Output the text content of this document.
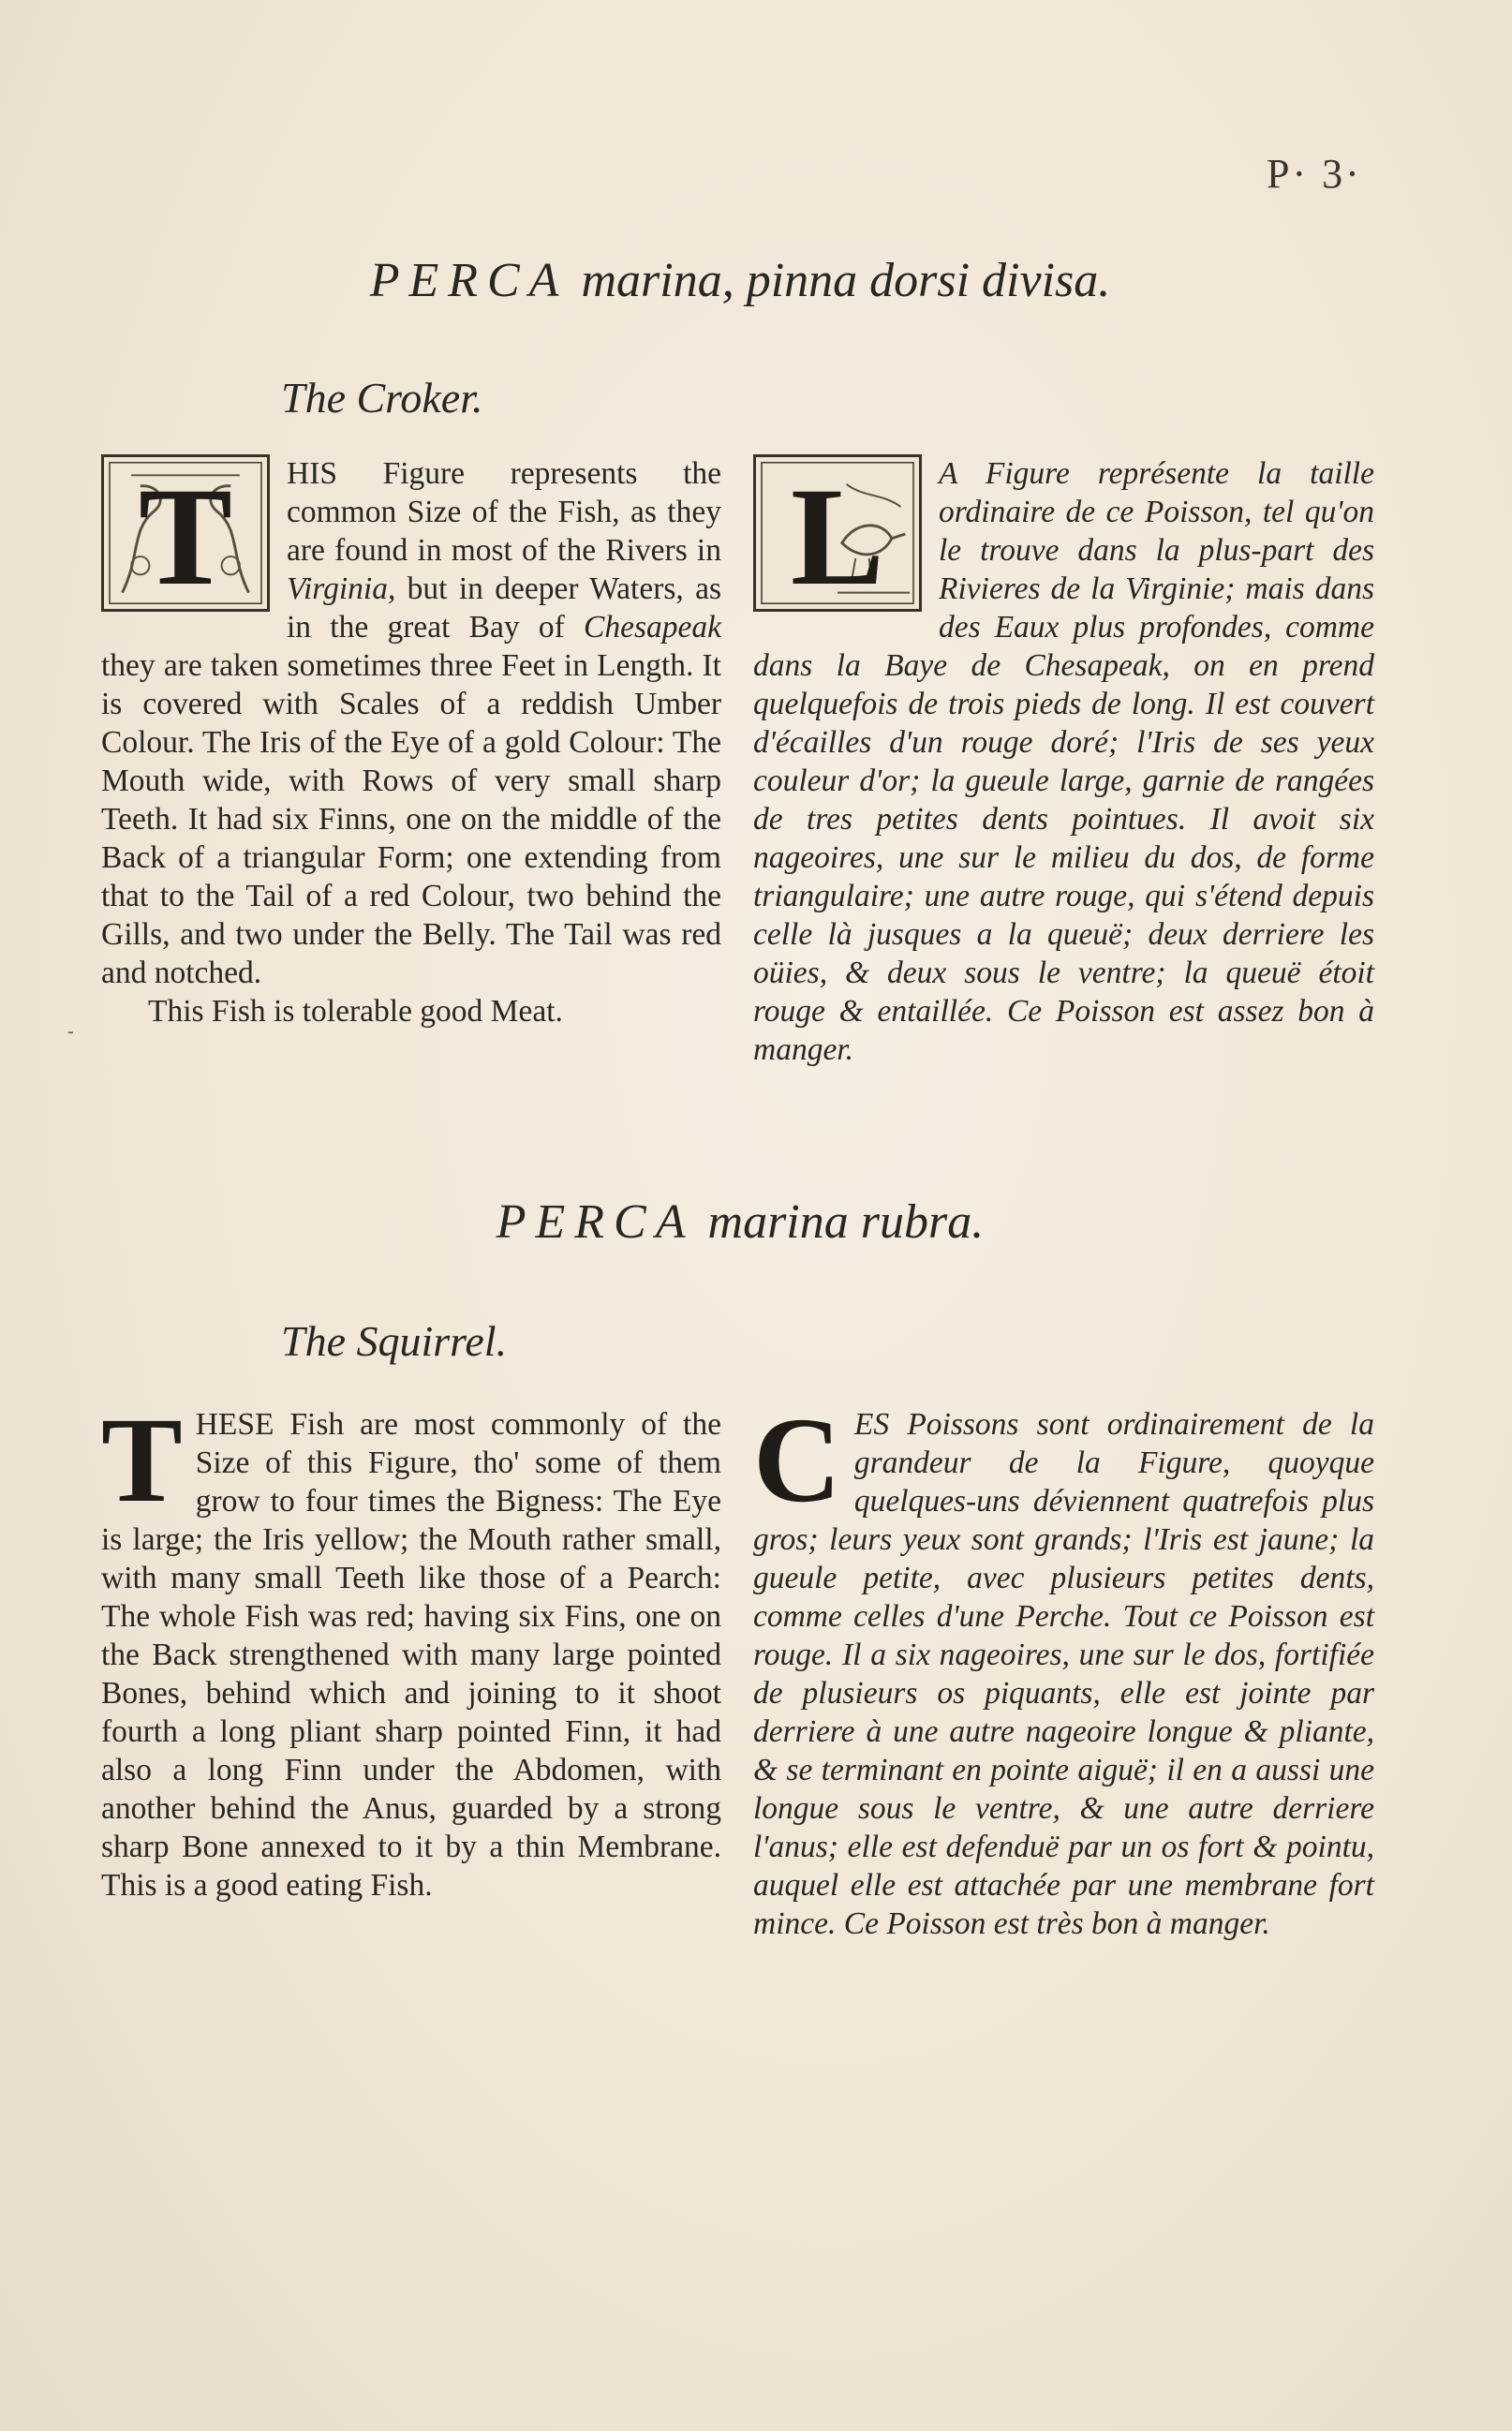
P· 3·
-
PERCA marina, pinna dorsi divisa.
The Croker.
T	HIS Figure represents the common Size of the Fish, as they are found in most of the Rivers in Virginia, but in deeper Waters, as in the great Bay of Chesapeak they are taken sometimes three Feet in Length. It is covered with Scales of a reddish Umber Colour. The Iris of the Eye of a gold Colour: The Mouth wide, with Rows of very small sharp Teeth. It had six Finns, one on the middle of the Back of a triangular Form; one extending from that to the Tail of a red Colour, two behind the Gills, and two under the Belly. The Tail was red and notched.

This Fish is tolerable good Meat.

L	A Figure représente la taille ordinaire de ce Poisson, tel qu'on le trouve dans la plus-part des Rivieres de la Virginie; mais dans des Eaux plus profondes, comme dans la Baye de Chesapeak, on en prend quelquefois de trois pieds de long. Il est couvert d'écailles d'un rouge doré; l'Iris de ses yeux couleur d'or; la gueule large, garnie de rangées de tres petites dents pointues. Il avoit six nageoires, une sur le milieu du dos, de forme triangulaire; une autre rouge, qui s'étend depuis celle là jusques a la queuë; deux derriere les oüies, & deux sous le ventre; la queuë étoit rouge & entaillée. Ce Poisson est assez bon à manger.

PERCA marina rubra.
The Squirrel.
T HESE Fish are most commonly of the Size of this Figure, tho' some of them grow to four times the Bigness: The Eye is large; the Iris yellow; the Mouth rather small, with many small Teeth like those of a Pearch: The whole Fish was red; having six Fins, one on the Back strengthened with many large pointed Bones, behind which and joining to it shoot fourth a long pliant sharp pointed Finn, it had also a long Finn under the Abdomen, with another behind the Anus, guarded by a strong sharp Bone annexed to it by a thin Membrane. This is a good eating Fish.

C ES Poissons sont ordinairement de la grandeur de la Figure, quoyque quelques-uns déviennent quatrefois plus gros; leurs yeux sont grands; l'Iris est jaune; la gueule petite, avec plusieurs petites dents, comme celles d'une Perche. Tout ce Poisson est rouge. Il a six nageoires, une sur le dos, fortifiée de plusieurs os piquants, elle est jointe par derriere à une autre nageoire longue & pliante, & se terminant en pointe aiguë; il en a aussi une longue sous le ventre, & une autre derriere l'anus; elle est defenduë par un os fort & pointu, auquel elle est attachée par une membrane fort mince. Ce Poisson est très bon à manger.
